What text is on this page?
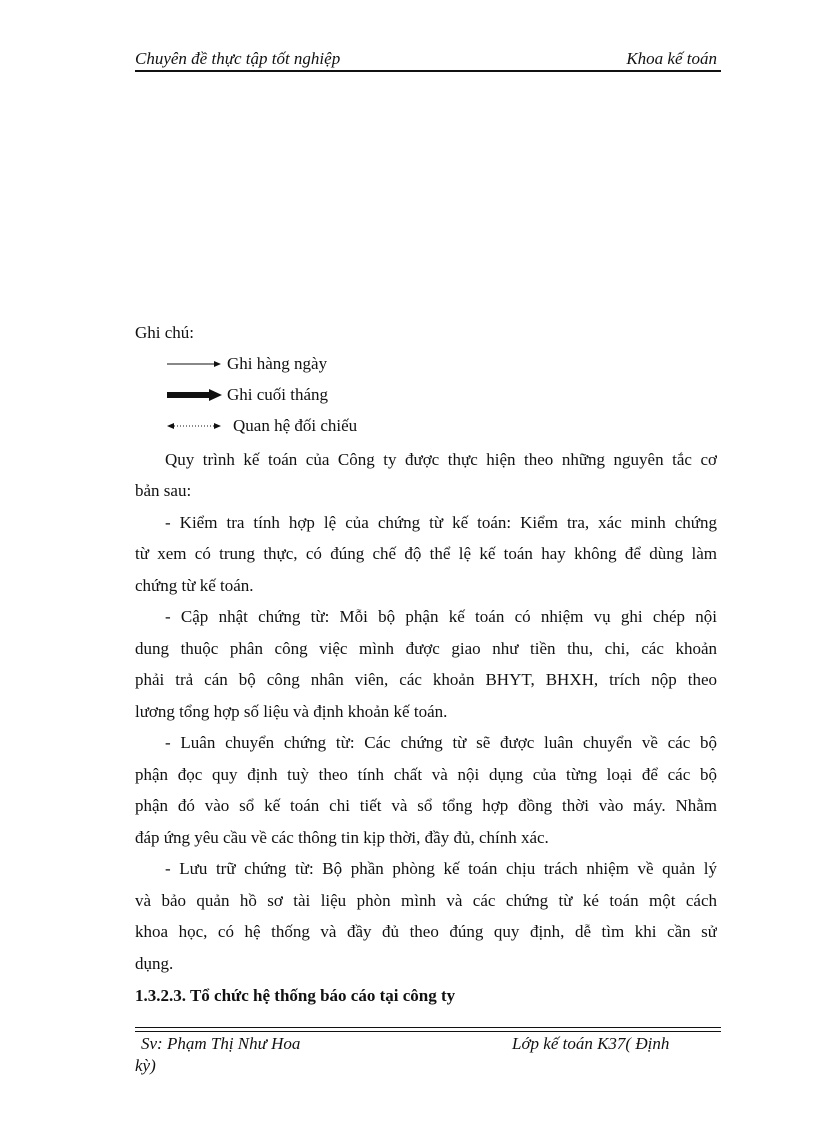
Chuyên đề thực tập tốt nghiệp	Khoa kế toán
Ghi chú:
Ghi hàng ngày
Ghi cuối tháng
Quan hệ đối chiếu
Quy trình kế toán của Công ty được thực hiện theo những nguyên tắc cơ
bản sau:
- Kiểm tra tính hợp lệ của chứng từ kế toán: Kiểm tra, xác minh chứng
từ xem có trung thực, có đúng chế độ thể lệ kế toán hay không để dùng làm
chứng từ kế toán.
- Cập nhật chứng từ: Mỗi bộ phận kế toán có nhiệm vụ ghi chép nội
dung thuộc phân công việc mình được giao như tiền thu, chi, các khoản
phải trả cán bộ công nhân viên, các khoản BHYT, BHXH, trích nộp theo
lương tổng hợp số liệu và định khoản kế toán.
- Luân chuyển chứng từ: Các chứng từ sẽ được luân chuyển về các bộ
phận đọc quy định tuỳ theo tính chất và nội dụng của từng loại để các bộ
phận đó vào sổ kế toán chi tiết và sổ tổng hợp đồng thời vào máy. Nhằm
đáp ứng yêu cầu về các thông tin kịp thời, đầy đủ, chính xác.
- Lưu trữ chứng từ: Bộ phần phòng kế toán chịu trách nhiệm về quản lý
và bảo quản hồ sơ tài liệu phòn mình và các chứng từ ké toán một cách
khoa học, có hệ thống và đầy đủ theo đúng quy định, dễ tìm khi cần sử
dụng.
1.3.2.3. Tổ chức hệ thống báo cáo tại công ty
Sv: Phạm Thị Như Hoa	Lớp kế toán K37( Định
kỳ)
